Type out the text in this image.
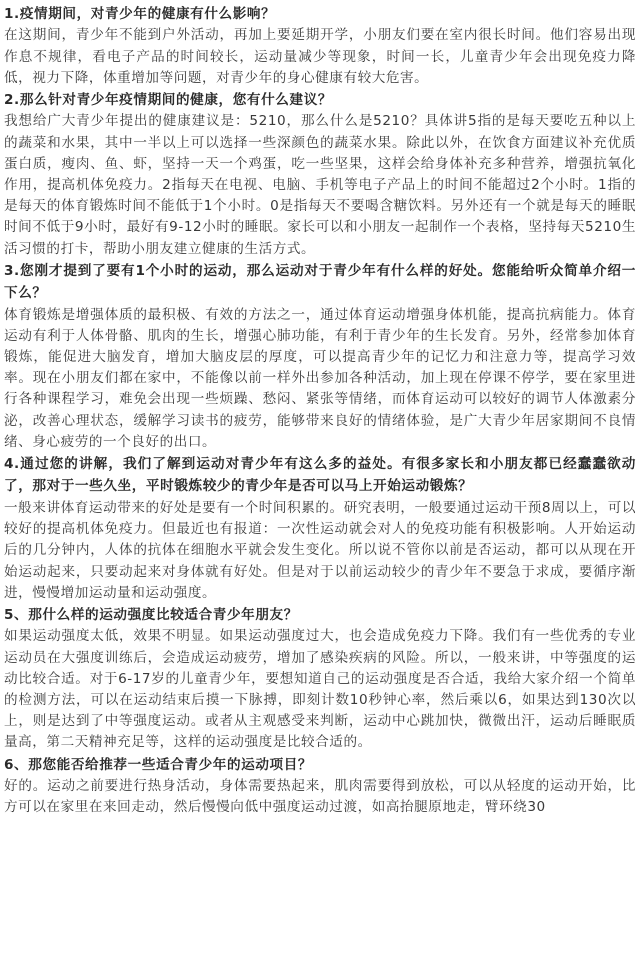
1.疫情期间，对青少年的健康有什么影响？

在这期间，青少年不能到户外活动，再加上要延期开学，小朋友们要在室内很长时间。他们容易出现作息不规律，看电子产品的时间较长，运动量减少等现象，时间一长，儿童青少年会出现免疫力降低，视力下降，体重增加等问题，对青少年的身心健康有较大危害。

2.那么针对青少年疫情期间的健康，您有什么建议？

我想给广大青少年提出的健康建议是：5210，那么什么是5210？具体讲5指的是每天要吃五种以上的蔬菜和水果，其中一半以上可以选择一些深颜色的蔬菜水果。除此以外，在饮食方面建议补充优质蛋白质，瘦肉、鱼、虾，坚持一天一个鸡蛋，吃一些坚果，这样会给身体补充多种营养，增强抗氧化作用，提高机体免疫力。2指每天在电视、电脑、手机等电子产品上的时间不能超过2个小时。1指的是每天的体育锻炼时间不能低于1个小时。0是指每天不要喝含糖饮料。另外还有一个就是每天的睡眠时间不低于9小时，最好有9-12小时的睡眠。家长可以和小朋友一起制作一个表格，坚持每天5210生活习惯的打卡，帮助小朋友建立健康的生活方式。

3.您刚才提到了要有1个小时的运动，那么运动对于青少年有什么样的好处。您能给听众简单介绍一下么？

体育锻炼是增强体质的最积极、有效的方法之一，通过体育运动增强身体机能，提高抗病能力。体育运动有利于人体骨骼、肌肉的生长，增强心肺功能，有利于青少年的生长发育。另外，经常参加体育锻炼，能促进大脑发育，增加大脑皮层的厚度，可以提高青少年的记忆力和注意力等，提高学习效率。现在小朋友们都在家中，不能像以前一样外出参加各种活动，加上现在停课不停学，要在家里进行各种课程学习，难免会出现一些烦躁、愁闷、紧张等情绪，而体育运动可以较好的调节人体激素分泌，改善心理状态，缓解学习读书的疲劳，能够带来良好的情绪体验，是广大青少年居家期间不良情绪、身心疲劳的一个良好的出口。

4.通过您的讲解，我们了解到运动对青少年有这么多的益处。有很多家长和小朋友都已经蠢蠢欲动了，那对于一些久坐，平时锻炼较少的青少年是否可以马上开始运动锻炼？

一般来讲体育运动带来的好处是要有一个时间积累的。研究表明，一般要通过运动干预8周以上，可以较好的提高机体免疫力。但最近也有报道：一次性运动就会对人的免疫功能有积极影响。人开始运动后的几分钟内，人体的抗体在细胞水平就会发生变化。所以说不管你以前是否运动，都可以从现在开始运动起来，只要动起来对身体就有好处。但是对于以前运动较少的青少年不要急于求成，要循序渐进，慢慢增加运动量和运动强度。

5、那什么样的运动强度比较适合青少年朋友？

如果运动强度太低，效果不明显。如果运动强度过大，也会造成免疫力下降。我们有一些优秀的专业运动员在大强度训练后，会造成运动疲劳，增加了感染疾病的风险。所以，一般来讲，中等强度的运动比较合适。对于6-17岁的儿童青少年，要想知道自己的运动强度是否合适，我给大家介绍一个简单的检测方法，可以在运动结束后摸一下脉搏，即刻计数10秒钟心率，然后乘以6，如果达到130次以上，则是达到了中等强度运动。或者从主观感受来判断，运动中心跳加快，微微出汗，运动后睡眠质量高，第二天精神充足等，这样的运动强度是比较合适的。

6、那您能否给推荐一些适合青少年的运动项目？

好的。运动之前要进行热身活动，身体需要热起来，肌肉需要得到放松，可以从轻度的运动开始，比方可以在家里在来回走动，然后慢慢向低中强度运动过渡，如高抬腿原地走，臂环绕30
